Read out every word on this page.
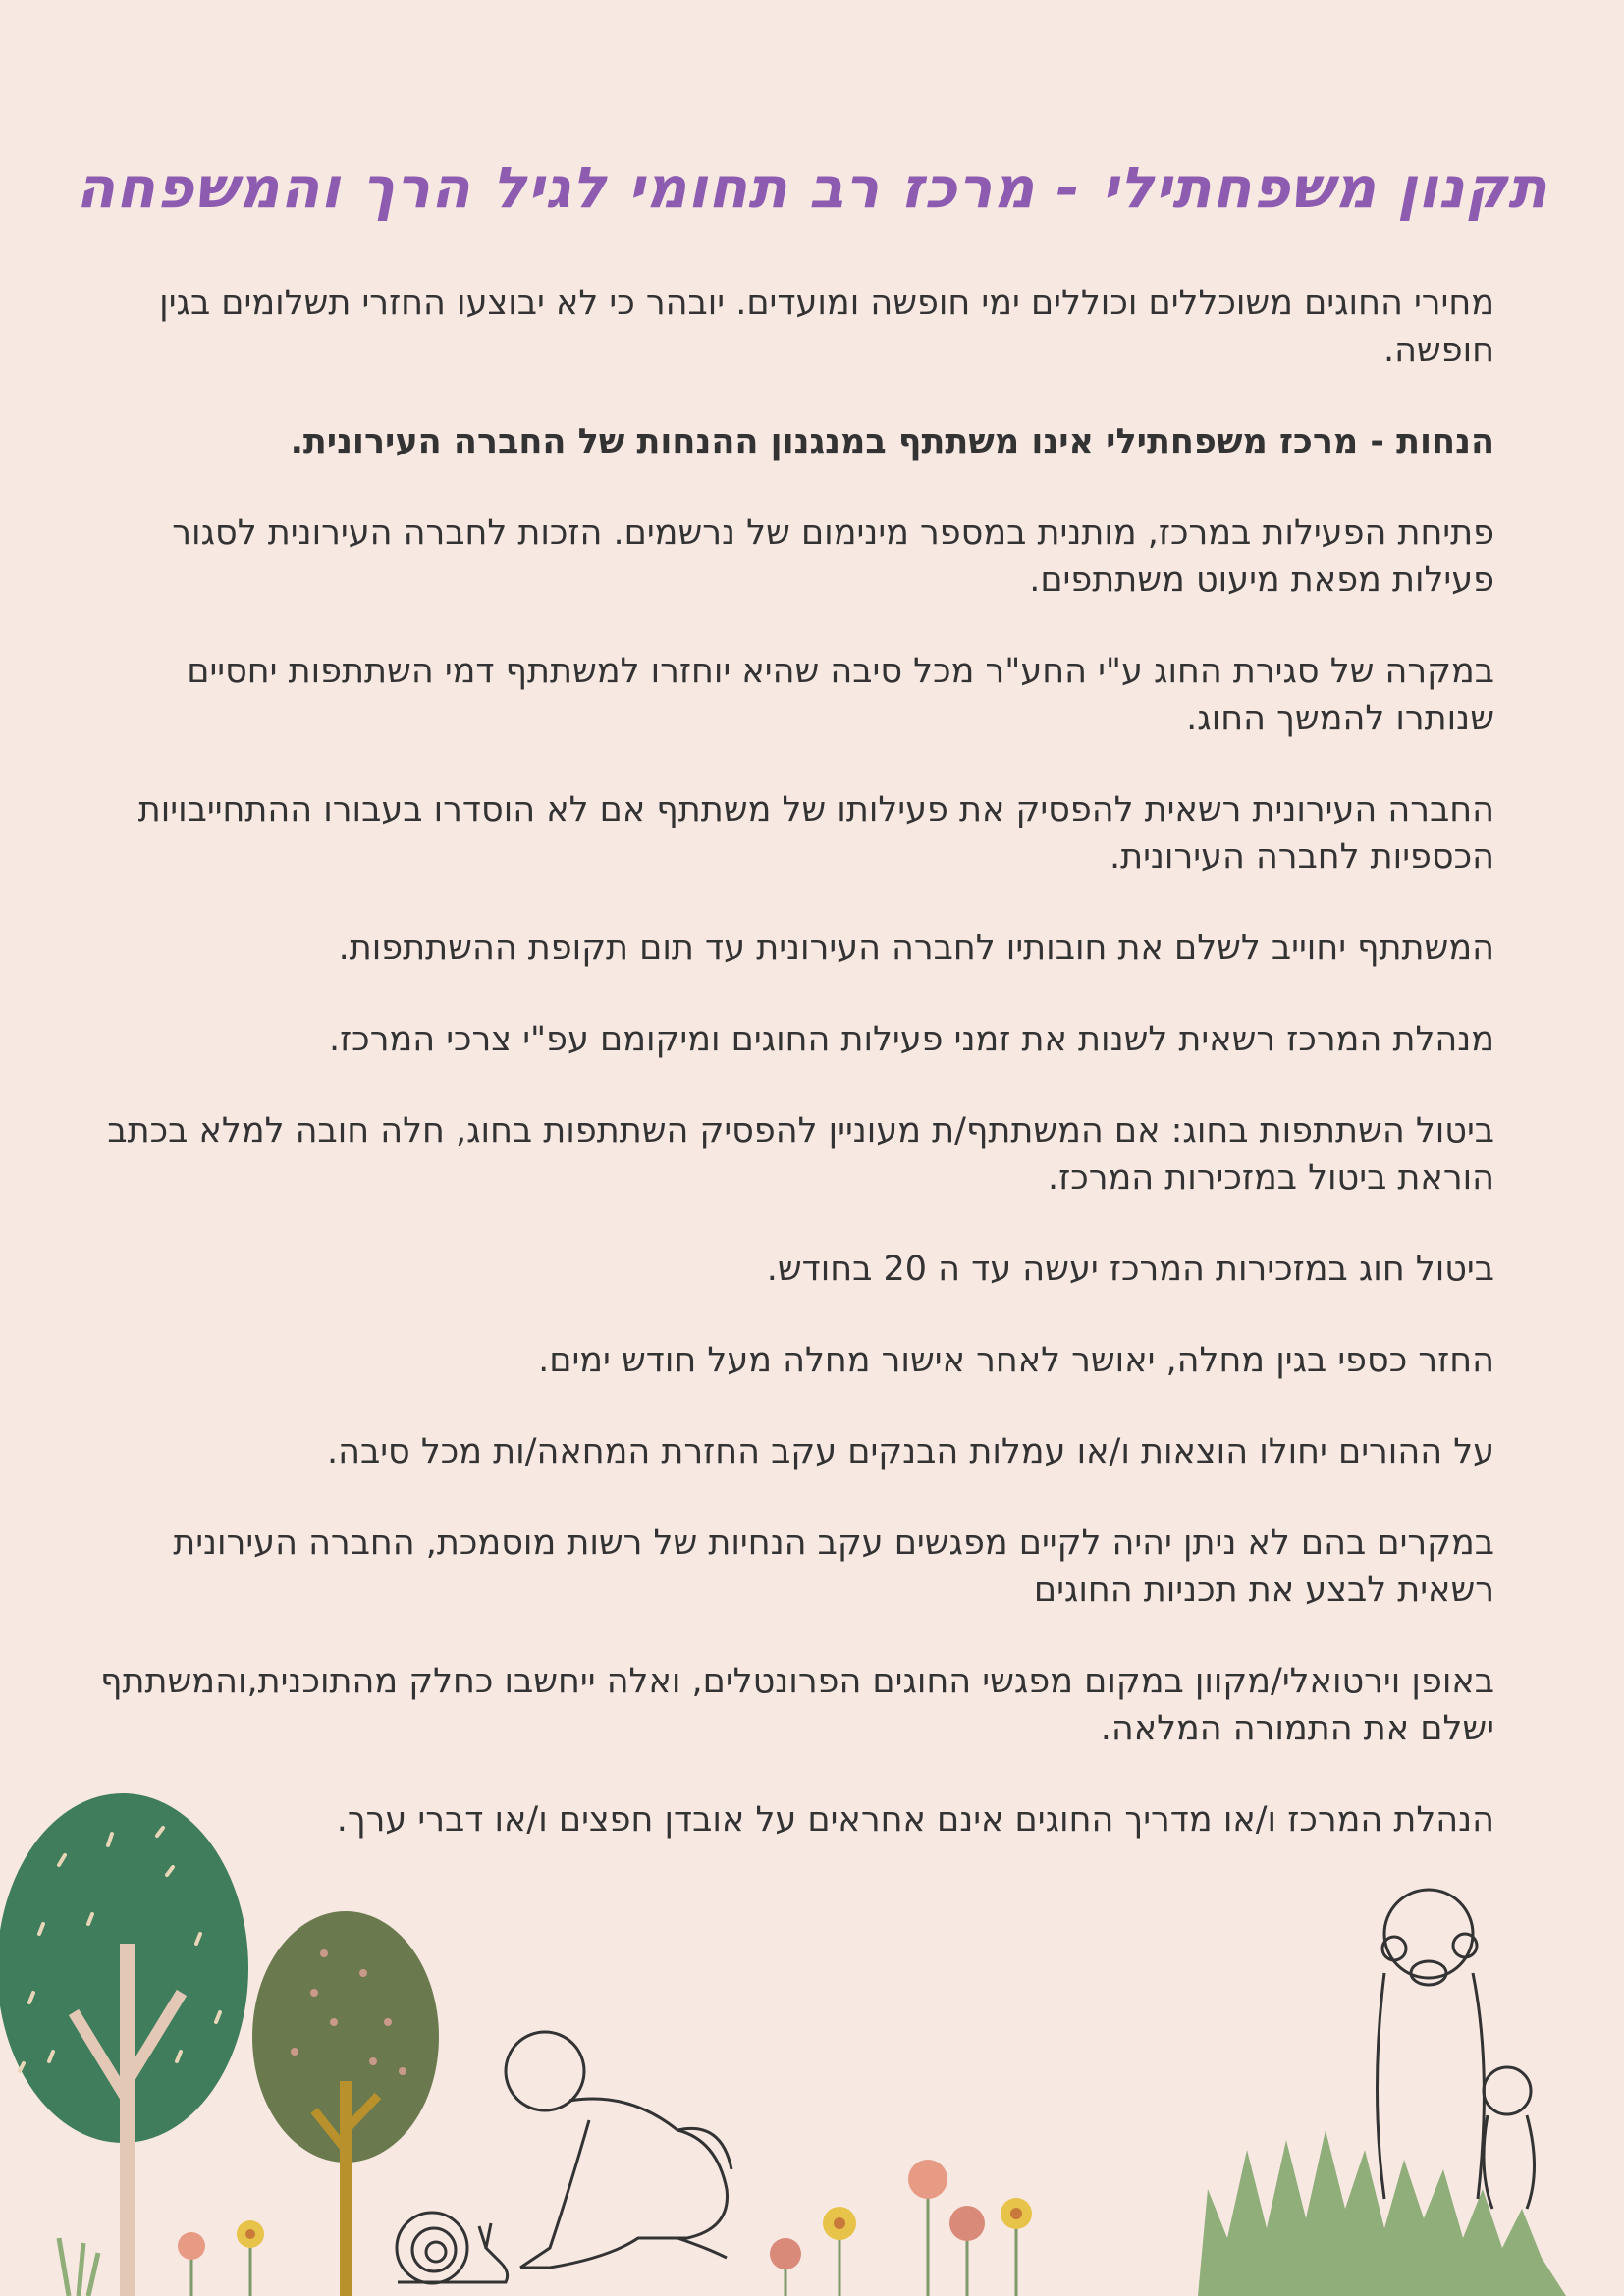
תקנון משפחתילי - מרכז רב תחומי לגיל הרך והמשפחה

מחירי החוגים משוכללים וכוללים ימי חופשה ומועדים. יובהר כי לא יבוצעו החזרי תשלומים בגין חופשה.

הנחות - מרכז משפחתילי אינו משתתף במנגנון ההנחות של החברה העירונית.

פתיחת הפעילות במרכז, מותנית במספר מינימום של נרשמים. הזכות לחברה העירונית לסגור פעילות מפאת מיעוט משתתפים.

במקרה של סגירת החוג ע"י החע"ר מכל סיבה שהיא יוחזרו למשתתף דמי השתתפות יחסיים שנותרו להמשך החוג.

החברה העירונית רשאית להפסיק את פעילותו של משתתף אם לא הוסדרו בעבורו ההתחייבויות הכספיות לחברה העירונית.

המשתתף יחוייב לשלם את חובותיו לחברה העירונית עד תום תקופת ההשתתפות.

מנהלת המרכז רשאית לשנות את זמני פעילות החוגים ומיקומם עפ"י צרכי המרכז.

ביטול השתתפות בחוג: אם המשתתף/ת מעוניין להפסיק השתתפות בחוג, חלה חובה למלא בכתב הוראת ביטול במזכירות המרכז.

ביטול חוג במזכירות המרכז יעשה עד ה 20 בחודש.

החזר כספי בגין מחלה, יאושר לאחר אישור מחלה מעל חודש ימים.

על ההורים יחולו הוצאות ו/או עמלות הבנקים עקב החזרת המחאה/ות מכל סיבה.

במקרים בהם לא ניתן יהיה לקיים מפגשים עקב הנחיות של רשות מוסמכת, החברה העירונית רשאית לבצע את תכניות החוגים

באופן וירטואלי/מקוון במקום מפגשי החוגים הפרונטלים, ואלה ייחשבו כחלק מהתוכנית,והמשתתף ישלם את התמורה המלאה.

הנהלת המרכז ו/או מדריך החוגים אינם אחראים על אובדן חפצים ו/או דברי ערך.
